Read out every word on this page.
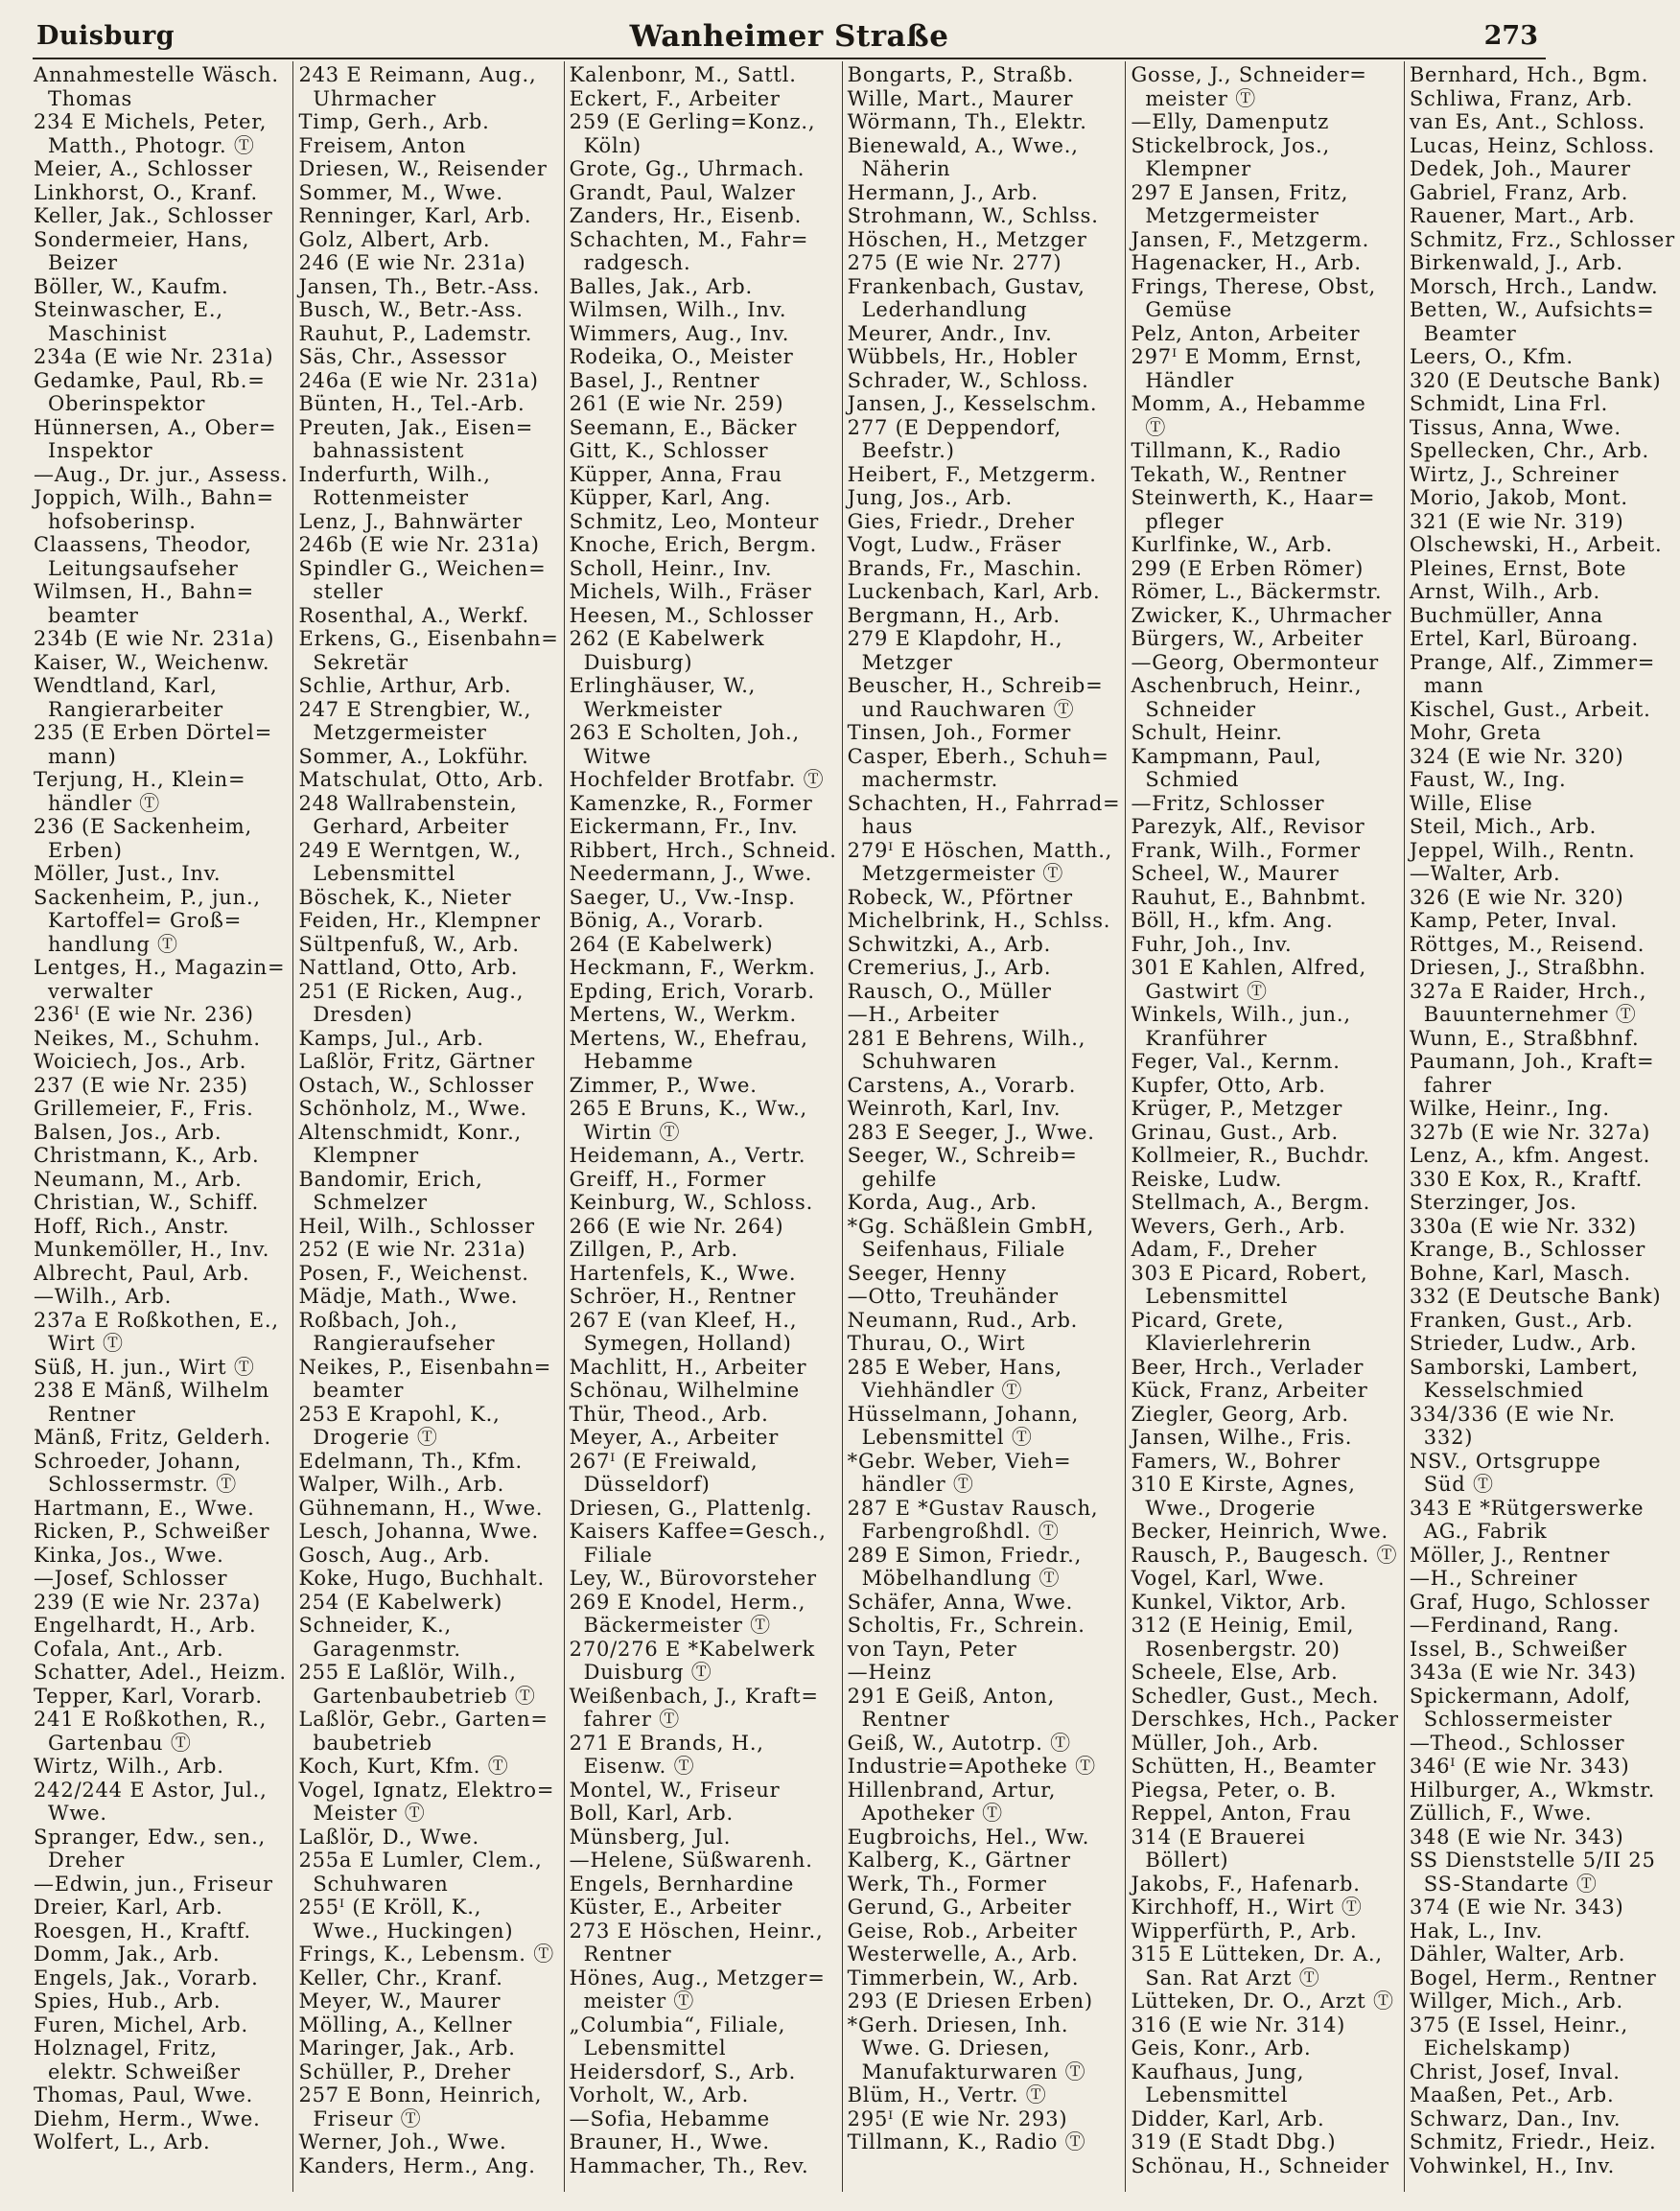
Duisburg	Wanheimer Straße	273
Annahmestelle Wäsch.
Thomas
234 E Michels, Peter,
Matth., Photogr. Ⓣ
Meier, A., Schlosser
Linkhorst, O., Kranf.
Keller, Jak., Schlosser
Sondermeier, Hans,
Beizer
Böller, W., Kaufm.
Steinwascher, E.,
Maschinist
234a (E wie Nr. 231a)
Gedamke, Paul, Rb.=
Oberinspektor
Hünnersen, A., Ober=
Inspektor
—Aug., Dr. jur., Assess.
Joppich, Wilh., Bahn=
hofsoberinsp.
Claassens, Theodor,
Leitungsaufseher
Wilmsen, H., Bahn=
beamter
234b (E wie Nr. 231a)
Kaiser, W., Weichenw.
Wendtland, Karl,
Rangierarbeiter
235 (E Erben Dörtel=
mann)
Terjung, H., Klein=
händler Ⓣ
236 (E Sackenheim,
Erben)
Möller, Just., Inv.
Sackenheim, P., jun.,
Kartoffel= Groß=
handlung Ⓣ
Lentges, H., Magazin=
verwalter
236ᴵ (E wie Nr. 236)
Neikes, M., Schuhm.
Woiciech, Jos., Arb.
237 (E wie Nr. 235)
Grillemeier, F., Fris.
Balsen, Jos., Arb.
Christmann, K., Arb.
Neumann, M., Arb.
Christian, W., Schiff.
Hoff, Rich., Anstr.
Munkemöller, H., Inv.
Albrecht, Paul, Arb.
—Wilh., Arb.
237a E Roßkothen, E.,
Wirt Ⓣ
Süß, H. jun., Wirt Ⓣ
238 E Mänß, Wilhelm
Rentner
Mänß, Fritz, Gelderh.
Schroeder, Johann,
Schlossermstr. Ⓣ
Hartmann, E., Wwe.
Ricken, P., Schweißer
Kinka, Jos., Wwe.
—Josef, Schlosser
239 (E wie Nr. 237a)
Engelhardt, H., Arb.
Cofala, Ant., Arb.
Schatter, Adel., Heizm.
Tepper, Karl, Vorarb.
241 E Roßkothen, R.,
Gartenbau Ⓣ
Wirtz, Wilh., Arb.
242/244 E Astor, Jul.,
Wwe.
Spranger, Edw., sen.,
Dreher
—Edwin, jun., Friseur
Dreier, Karl, Arb.
Roesgen, H., Kraftf.
Domm, Jak., Arb.
Engels, Jak., Vorarb.
Spies, Hub., Arb.
Furen, Michel, Arb.
Holznagel, Fritz,
elektr. Schweißer
Thomas, Paul, Wwe.
Diehm, Herm., Wwe.
Wolfert, L., Arb.
243 E Reimann, Aug.,
Uhrmacher
Timp, Gerh., Arb.
Freisem, Anton
Driesen, W., Reisender
Sommer, M., Wwe.
Renninger, Karl, Arb.
Golz, Albert, Arb.
246 (E wie Nr. 231a)
Jansen, Th., Betr.-Ass.
Busch, W., Betr.-Ass.
Rauhut, P., Lademstr.
Säs, Chr., Assessor
246a (E wie Nr. 231a)
Bünten, H., Tel.-Arb.
Preuten, Jak., Eisen=
bahnassistent
Inderfurth, Wilh.,
Rottenmeister
Lenz, J., Bahnwärter
246b (E wie Nr. 231a)
Spindler G., Weichen=
steller
Rosenthal, A., Werkf.
Erkens, G., Eisenbahn=
Sekretär
Schlie, Arthur, Arb.
247 E Strengbier, W.,
Metzgermeister
Sommer, A., Lokführ.
Matschulat, Otto, Arb.
248 Wallrabenstein,
Gerhard, Arbeiter
249 E Werntgen, W.,
Lebensmittel
Böschek, K., Nieter
Feiden, Hr., Klempner
Sültpenfuß, W., Arb.
Nattland, Otto, Arb.
251 (E Ricken, Aug.,
Dresden)
Kamps, Jul., Arb.
Laßlör, Fritz, Gärtner
Ostach, W., Schlosser
Schönholz, M., Wwe.
Altenschmidt, Konr.,
Klempner
Bandomir, Erich,
Schmelzer
Heil, Wilh., Schlosser
252 (E wie Nr. 231a)
Posen, F., Weichenst.
Mädje, Math., Wwe.
Roßbach, Joh.,
Rangieraufseher
Neikes, P., Eisenbahn=
beamter
253 E Krapohl, K.,
Drogerie Ⓣ
Edelmann, Th., Kfm.
Walper, Wilh., Arb.
Gühnemann, H., Wwe.
Lesch, Johanna, Wwe.
Gosch, Aug., Arb.
Koke, Hugo, Buchhalt.
254 (E Kabelwerk)
Schneider, K.,
Garagenmstr.
255 E Laßlör, Wilh.,
Gartenbaubetrieb Ⓣ
Laßlör, Gebr., Garten=
baubetrieb
Koch, Kurt, Kfm. Ⓣ
Vogel, Ignatz, Elektro=
Meister Ⓣ
Laßlör, D., Wwe.
255a E Lumler, Clem.,
Schuhwaren
255ᴵ (E Kröll, K.,
Wwe., Huckingen)
Frings, K., Lebensm. Ⓣ
Keller, Chr., Kranf.
Meyer, W., Maurer
Mölling, A., Kellner
Maringer, Jak., Arb.
Schüller, P., Dreher
257 E Bonn, Heinrich,
Friseur Ⓣ
Werner, Joh., Wwe.
Kanders, Herm., Ang.
Kalenbonr, M., Sattl.
Eckert, F., Arbeiter
259 (E Gerling=Konz.,
Köln)
Grote, Gg., Uhrmach.
Grandt, Paul, Walzer
Zanders, Hr., Eisenb.
Schachten, M., Fahr=
radgesch.
Balles, Jak., Arb.
Wilmsen, Wilh., Inv.
Wimmers, Aug., Inv.
Rodeika, O., Meister
Basel, J., Rentner
261 (E wie Nr. 259)
Seemann, E., Bäcker
Gitt, K., Schlosser
Küpper, Anna, Frau
Küpper, Karl, Ang.
Schmitz, Leo, Monteur
Knoche, Erich, Bergm.
Scholl, Heinr., Inv.
Michels, Wilh., Fräser
Heesen, M., Schlosser
262 (E Kabelwerk
Duisburg)
Erlinghäuser, W.,
Werkmeister
263 E Scholten, Joh.,
Witwe
Hochfelder Brotfabr. Ⓣ
Kamenzke, R., Former
Eickermann, Fr., Inv.
Ribbert, Hrch., Schneid.
Needermann, J., Wwe.
Saeger, U., Vw.-Insp.
Bönig, A., Vorarb.
264 (E Kabelwerk)
Heckmann, F., Werkm.
Epding, Erich, Vorarb.
Mertens, W., Werkm.
Mertens, W., Ehefrau,
Hebamme
Zimmer, P., Wwe.
265 E Bruns, K., Ww.,
Wirtin Ⓣ
Heidemann, A., Vertr.
Greiff, H., Former
Keinburg, W., Schloss.
266 (E wie Nr. 264)
Zillgen, P., Arb.
Hartenfels, K., Wwe.
Schröer, H., Rentner
267 E (van Kleef, H.,
Symegen, Holland)
Machlitt, H., Arbeiter
Schönau, Wilhelmine
Thür, Theod., Arb.
Meyer, A., Arbeiter
267ᴵ (E Freiwald,
Düsseldorf)
Driesen, G., Plattenlg.
Kaisers Kaffee=Gesch.,
Filiale
Ley, W., Bürovorsteher
269 E Knodel, Herm.,
Bäckermeister Ⓣ
270/276 E *Kabelwerk
Duisburg Ⓣ
Weißenbach, J., Kraft=
fahrer Ⓣ
271 E Brands, H.,
Eisenw. Ⓣ
Montel, W., Friseur
Boll, Karl, Arb.
Münsberg, Jul.
—Helene, Süßwarenh.
Engels, Bernhardine
Küster, E., Arbeiter
273 E Höschen, Heinr.,
Rentner
Hönes, Aug., Metzger=
meister Ⓣ
„Columbia“, Filiale,
Lebensmittel
Heidersdorf, S., Arb.
Vorholt, W., Arb.
—Sofia, Hebamme
Brauner, H., Wwe.
Hammacher, Th., Rev.
Bongarts, P., Straßb.
Wille, Mart., Maurer
Wörmann, Th., Elektr.
Bienewald, A., Wwe.,
Näherin
Hermann, J., Arb.
Strohmann, W., Schlss.
Höschen, H., Metzger
275 (E wie Nr. 277)
Frankenbach, Gustav,
Lederhandlung
Meurer, Andr., Inv.
Wübbels, Hr., Hobler
Schrader, W., Schloss.
Jansen, J., Kesselschm.
277 (E Deppendorf,
Beefstr.)
Heibert, F., Metzgerm.
Jung, Jos., Arb.
Gies, Friedr., Dreher
Vogt, Ludw., Fräser
Brands, Fr., Maschin.
Luckenbach, Karl, Arb.
Bergmann, H., Arb.
279 E Klapdohr, H.,
Metzger
Beuscher, H., Schreib=
und Rauchwaren Ⓣ
Tinsen, Joh., Former
Casper, Eberh., Schuh=
machermstr.
Schachten, H., Fahrrad=
haus
279ᴵ E Höschen, Matth.,
Metzgermeister Ⓣ
Robeck, W., Pförtner
Michelbrink, H., Schlss.
Schwitzki, A., Arb.
Cremerius, J., Arb.
Rausch, O., Müller
—H., Arbeiter
281 E Behrens, Wilh.,
Schuhwaren
Carstens, A., Vorarb.
Weinroth, Karl, Inv.
283 E Seeger, J., Wwe.
Seeger, W., Schreib=
gehilfe
Korda, Aug., Arb.
*Gg. Schäßlein GmbH,
Seifenhaus, Filiale
Seeger, Henny
—Otto, Treuhänder
Neumann, Rud., Arb.
Thurau, O., Wirt
285 E Weber, Hans,
Viehhändler Ⓣ
Hüsselmann, Johann,
Lebensmittel Ⓣ
*Gebr. Weber, Vieh=
händler Ⓣ
287 E *Gustav Rausch,
Farbengroßhdl. Ⓣ
289 E Simon, Friedr.,
Möbelhandlung Ⓣ
Schäfer, Anna, Wwe.
Scholtis, Fr., Schrein.
von Tayn, Peter
—Heinz
291 E Geiß, Anton,
Rentner
Geiß, W., Autotrp. Ⓣ
Industrie=Apotheke Ⓣ
Hillenbrand, Artur,
Apotheker Ⓣ
Eugbroichs, Hel., Ww.
Kalberg, K., Gärtner
Werk, Th., Former
Gerund, G., Arbeiter
Geise, Rob., Arbeiter
Westerwelle, A., Arb.
Timmerbein, W., Arb.
293 (E Driesen Erben)
*Gerh. Driesen, Inh.
Wwe. G. Driesen,
Manufakturwaren Ⓣ
Blüm, H., Vertr. Ⓣ
295ᴵ (E wie Nr. 293)
Tillmann, K., Radio Ⓣ
Gosse, J., Schneider=
meister Ⓣ
—Elly, Damenputz
Stickelbrock, Jos.,
Klempner
297 E Jansen, Fritz,
Metzgermeister
Jansen, F., Metzgerm.
Hagenacker, H., Arb.
Frings, Therese, Obst,
Gemüse
Pelz, Anton, Arbeiter
297ᴵ E Momm, Ernst,
Händler
Momm, A., Hebamme
Ⓣ
Tillmann, K., Radio
Tekath, W., Rentner
Steinwerth, K., Haar=
pfleger
Kurlfinke, W., Arb.
299 (E Erben Römer)
Römer, L., Bäckermstr.
Zwicker, K., Uhrmacher
Bürgers, W., Arbeiter
—Georg, Obermonteur
Aschenbruch, Heinr.,
Schneider
Schult, Heinr.
Kampmann, Paul,
Schmied
—Fritz, Schlosser
Parezyk, Alf., Revisor
Frank, Wilh., Former
Scheel, W., Maurer
Rauhut, E., Bahnbmt.
Böll, H., kfm. Ang.
Fuhr, Joh., Inv.
301 E Kahlen, Alfred,
Gastwirt Ⓣ
Winkels, Wilh., jun.,
Kranführer
Feger, Val., Kernm.
Kupfer, Otto, Arb.
Krüger, P., Metzger
Grinau, Gust., Arb.
Kollmeier, R., Buchdr.
Reiske, Ludw.
Stellmach, A., Bergm.
Wevers, Gerh., Arb.
Adam, F., Dreher
303 E Picard, Robert,
Lebensmittel
Picard, Grete,
Klavierlehrerin
Beer, Hrch., Verlader
Kück, Franz, Arbeiter
Ziegler, Georg, Arb.
Jansen, Wilhe., Fris.
Famers, W., Bohrer
310 E Kirste, Agnes,
Wwe., Drogerie
Becker, Heinrich, Wwe.
Rausch, P., Baugesch. Ⓣ
Vogel, Karl, Wwe.
Kunkel, Viktor, Arb.
312 (E Heinig, Emil,
Rosenbergstr. 20)
Scheele, Else, Arb.
Schedler, Gust., Mech.
Derschkes, Hch., Packer
Müller, Joh., Arb.
Schütten, H., Beamter
Piegsa, Peter, o. B.
Reppel, Anton, Frau
314 (E Brauerei
Böllert)
Jakobs, F., Hafenarb.
Kirchhoff, H., Wirt Ⓣ
Wipperfürth, P., Arb.
315 E Lütteken, Dr. A.,
San. Rat Arzt Ⓣ
Lütteken, Dr. O., Arzt Ⓣ
316 (E wie Nr. 314)
Geis, Konr., Arb.
Kaufhaus, Jung,
Lebensmittel
Didder, Karl, Arb.
319 (E Stadt Dbg.)
Schönau, H., Schneider
Bernhard, Hch., Bgm.
Schliwa, Franz, Arb.
van Es, Ant., Schloss.
Lucas, Heinz, Schloss.
Dedek, Joh., Maurer
Gabriel, Franz, Arb.
Rauener, Mart., Arb.
Schmitz, Frz., Schlosser
Birkenwald, J., Arb.
Morsch, Hrch., Landw.
Betten, W., Aufsichts=
Beamter
Leers, O., Kfm.
320 (E Deutsche Bank)
Schmidt, Lina Frl.
Tissus, Anna, Wwe.
Spellecken, Chr., Arb.
Wirtz, J., Schreiner
Morio, Jakob, Mont.
321 (E wie Nr. 319)
Olschewski, H., Arbeit.
Pleines, Ernst, Bote
Arnst, Wilh., Arb.
Buchmüller, Anna
Ertel, Karl, Bürоang.
Prange, Alf., Zimmer=
mann
Kischel, Gust., Arbeit.
Mohr, Greta
324 (E wie Nr. 320)
Faust, W., Ing.
Wille, Elise
Steil, Mich., Arb.
Jeppel, Wilh., Rentn.
—Walter, Arb.
326 (E wie Nr. 320)
Kamp, Peter, Inval.
Röttges, M., Reisend.
Driesen, J., Straßbhn.
327a E Raider, Hrch.,
Bauunternehmer Ⓣ
Wunn, E., Straßbhnf.
Paumann, Joh., Kraft=
fahrer
Wilke, Heinr., Ing.
327b (E wie Nr. 327a)
Lenz, A., kfm. Angest.
330 E Kox, R., Kraftf.
Sterzinger, Jos.
330a (E wie Nr. 332)
Krange, B., Schlosser
Bohne, Karl, Masch.
332 (E Deutsche Bank)
Franken, Gust., Arb.
Strieder, Ludw., Arb.
Samborski, Lambert,
Kesselschmied
334/336 (E wie Nr.
332)
NSV., Ortsgruppe
Süd Ⓣ
343 E *Rütgerswerke
AG., Fabrik
Möller, J., Rentner
—H., Schreiner
Graf, Hugo, Schlosser
—Ferdinand, Rang.
Issel, B., Schweißer
343a (E wie Nr. 343)
Spickermann, Adolf,
Schlossermeister
—Theod., Schlosser
346ᴵ (E wie Nr. 343)
Hilburger, A., Wkmstr.
Züllich, F., Wwe.
348 (E wie Nr. 343)
SS Dienststelle 5/II 25
SS-Standarte Ⓣ
374 (E wie Nr. 343)
Hak, L., Inv.
Dähler, Walter, Arb.
Bogel, Herm., Rentner
Willger, Mich., Arb.
375 (E Issel, Heinr.,
Eichelskamp)
Christ, Josef, Inval.
Maaßen, Pet., Arb.
Schwarz, Dan., Inv.
Schmitz, Friedr., Heiz.
Vohwinkel, H., Inv.
